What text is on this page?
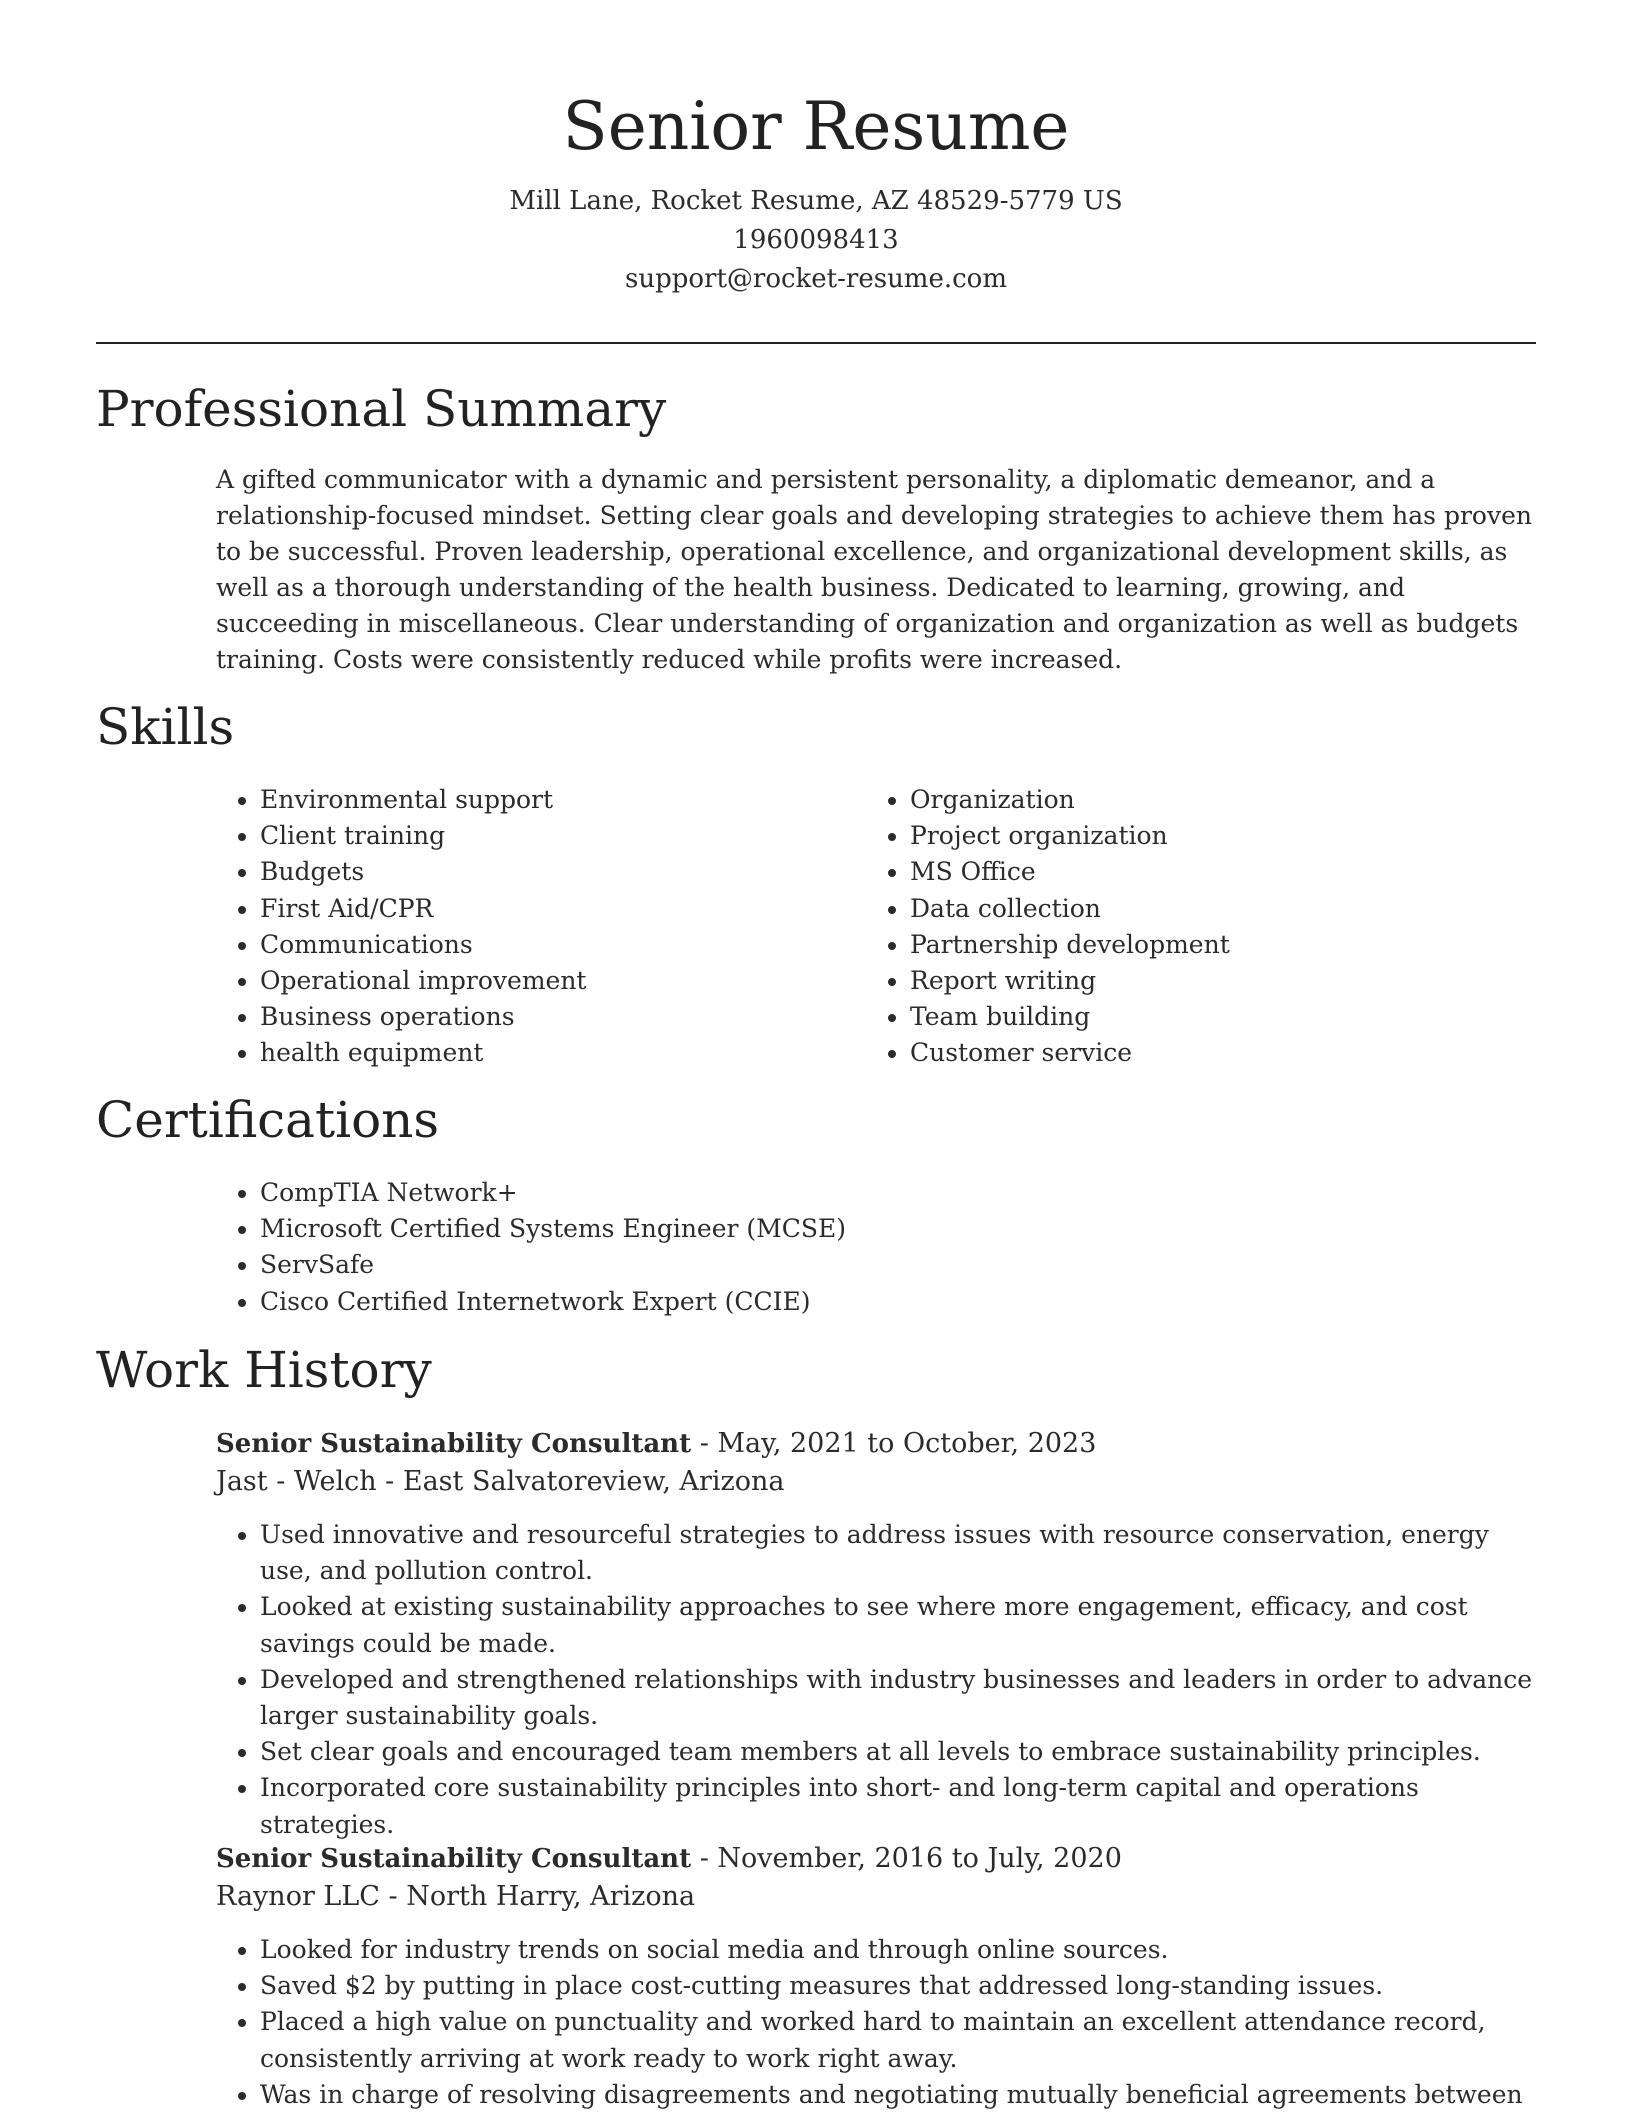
Senior Resume
Mill Lane, Rocket Resume, AZ 48529-5779 US
1960098413
support@rocket-resume.com
Professional Summary

A gifted communicator with a dynamic and persistent personality, a diplomatic demeanor, and a relationship-focused mindset. Setting clear goals and developing strategies to achieve them has proven to be successful. Proven leadership, operational excellence, and organizational development skills, as well as a thorough understanding of the health business. Dedicated to learning, growing, and succeeding in miscellaneous. Clear understanding of organization and organization as well as budgets training. Costs were consistently reduced while profits were increased.

Skills
• Environmental support
• Client training
• Budgets
• First Aid/CPR
• Communications
• Operational improvement
• Business operations
• health equipment
• Organization
• Project organization
• MS Office
• Data collection
• Partnership development
• Report writing
• Team building
• Customer service
Certifications
• CompTIA Network+
• Microsoft Certified Systems Engineer (MCSE)
• ServSafe
• Cisco Certified Internetwork Expert (CCIE)
Work History
Senior Sustainability Consultant - May, 2021 to October, 2023
Jast - Welch - East Salvatoreview, Arizona
• Used innovative and resourceful strategies to address issues with resource conservation, energy use, and pollution control.
• Looked at existing sustainability approaches to see where more engagement, efficacy, and cost savings could be made.
• Developed and strengthened relationships with industry businesses and leaders in order to advance larger sustainability goals.
• Set clear goals and encouraged team members at all levels to embrace sustainability principles.
• Incorporated core sustainability principles into short- and long-term capital and operations strategies.
Senior Sustainability Consultant - November, 2016 to July, 2020
Raynor LLC - North Harry, Arizona
• Looked for industry trends on social media and through online sources.
• Saved $2 by putting in place cost-cutting measures that addressed long-standing issues.
• Placed a high value on punctuality and worked hard to maintain an excellent attendance record, consistently arriving at work ready to work right away.
• Was in charge of resolving disagreements and negotiating mutually beneficial agreements between
